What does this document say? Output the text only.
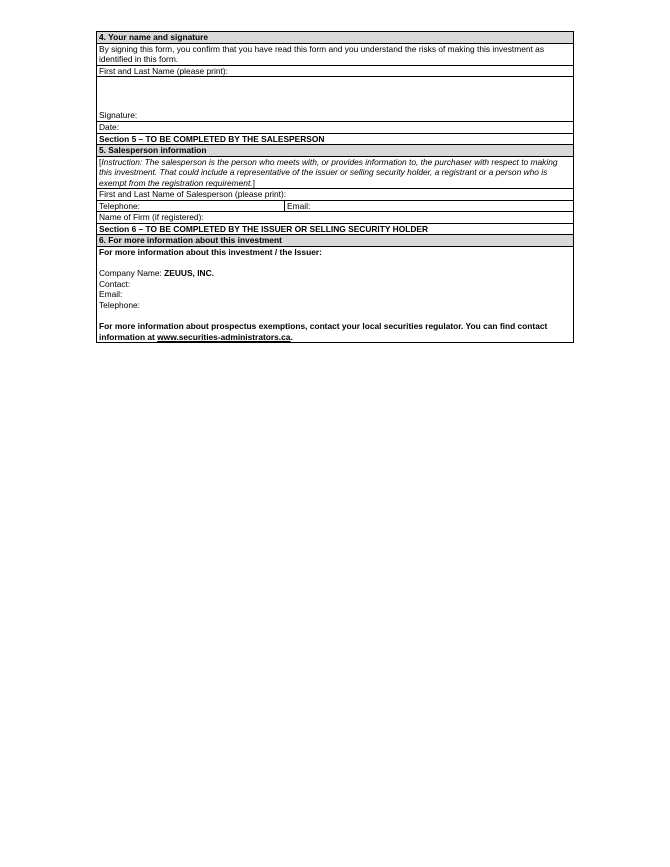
4. Your name and signature
By signing this form, you confirm that you have read this form and you understand the risks of making this investment as identified in this form.
First and Last Name (please print):
Signature:
Date:
Section 5 – TO BE COMPLETED BY THE SALESPERSON
5. Salesperson information
[Instruction: The salesperson is the person who meets with, or provides information to, the purchaser with respect to making this investment. That could include a representative of the issuer or selling security holder, a registrant or a person who is exempt from the registration requirement.]
First and Last Name of Salesperson (please print):
Telephone:	Email:
Name of Firm (if registered):
Section 6 – TO BE COMPLETED BY THE ISSUER OR SELLING SECURITY HOLDER
6. For more information about this investment
For more information about this investment / the Issuer:
Company Name: ZEUUS, INC.
Contact:
Email:
Telephone:
For more information about prospectus exemptions, contact your local securities regulator. You can find contact information at www.securities-administrators.ca.
